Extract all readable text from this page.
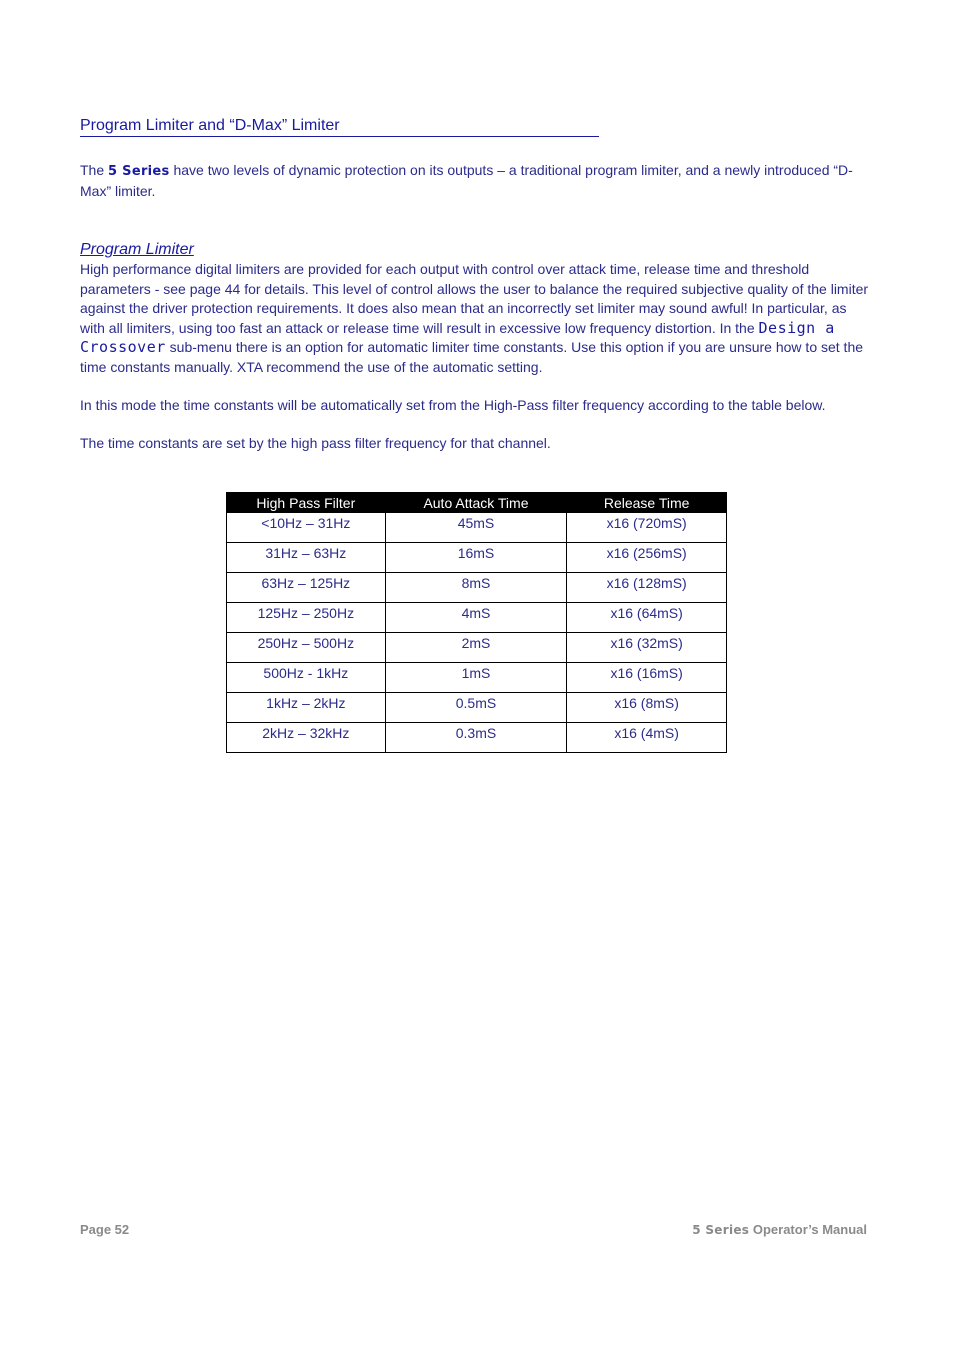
Program Limiter and “D-Max” Limiter

The 5 Series have two levels of dynamic protection on its outputs – a traditional program limiter, and a newly introduced “D-Max” limiter.

Program Limiter

High performance digital limiters are provided for each output with control over attack time, release time and threshold parameters - see page 44 for details. This level of control allows the user to balance the required subjective quality of the limiter against the driver protection requirements. It does also mean that an incorrectly set limiter may sound awful! In particular, as with all limiters, using too fast an attack or release time will result in excessive low frequency distortion. In the Design a Crossover sub-menu there is an option for automatic limiter time constants. Use this option if you are unsure how to set the time constants manually. XTA recommend the use of the automatic setting.

In this mode the time constants will be automatically set from the High-Pass filter frequency according to the table below.

The time constants are set by the high pass filter frequency for that channel.

High Pass Filter	Auto Attack Time	Release Time
<10Hz – 31Hz	45mS	x16 (720mS)
31Hz – 63Hz	16mS	x16 (256mS)
63Hz – 125Hz	8mS	x16 (128mS)
125Hz – 250Hz	4mS	x16 (64mS)
250Hz – 500Hz	2mS	x16 (32mS)
500Hz - 1kHz	1mS	x16 (16mS)
1kHz – 2kHz	0.5mS	x16 (8mS)
2kHz – 32kHz	0.3mS	x16 (4mS)
Page 52	5 Series Operator’s Manual
